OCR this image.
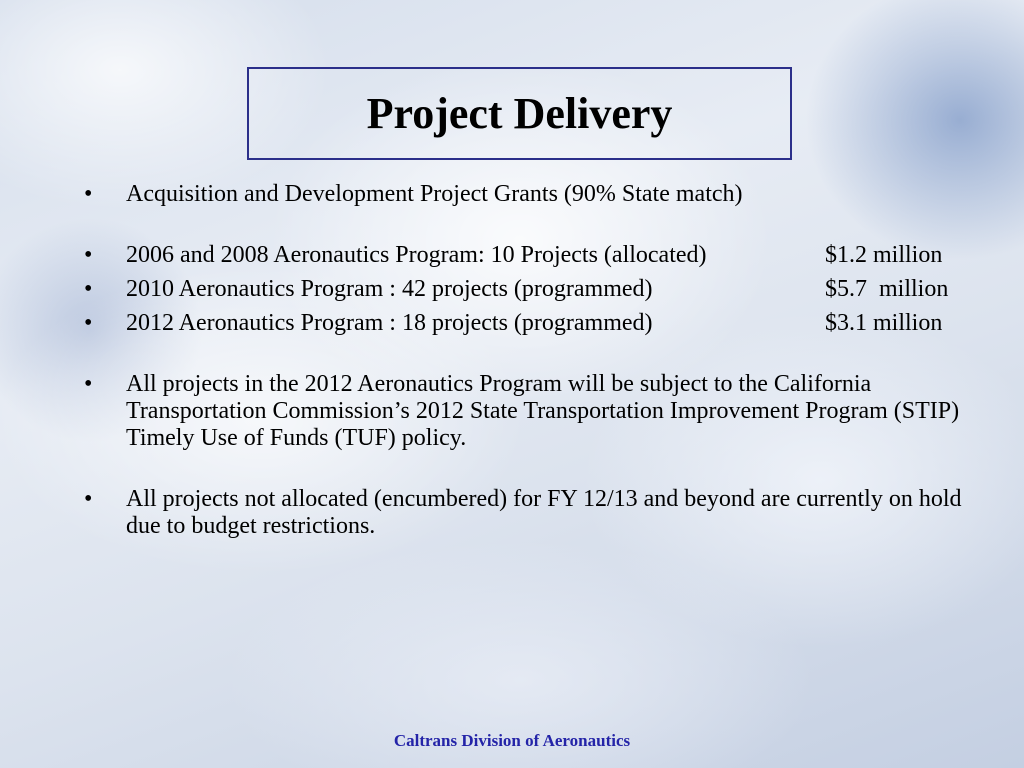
Project Delivery
•	Acquisition and Development Project Grants (90% State match)
•	2006 and 2008 Aeronautics Program: 10 Projects (allocated)	$1.2 million
•	2010 Aeronautics Program : 42 projects (programmed)	$5.7  million
•	2012 Aeronautics Program : 18 projects (programmed)	$3.1 million
•	All projects in the 2012 Aeronautics Program will be subject to the California Transportation Commission’s 2012 State Transportation Improvement Program (STIP) Timely Use of Funds (TUF) policy.
•	All projects not allocated (encumbered) for FY 12/13 and beyond are currently on hold due to budget restrictions.
Caltrans Division of Aeronautics
